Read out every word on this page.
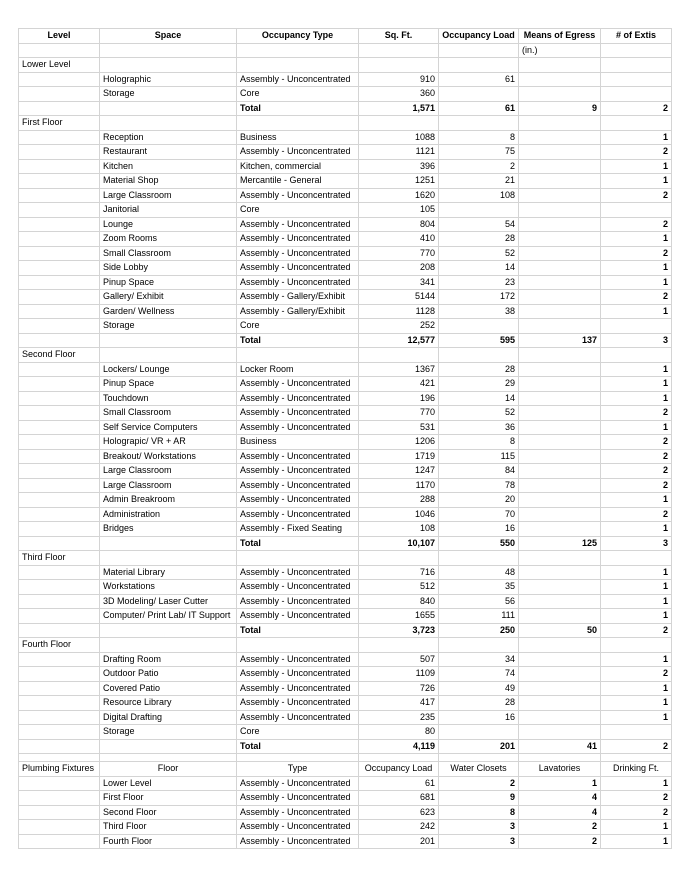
Level	Space	Occupancy Type	Sq. Ft.	Occupancy Load	Means of Egress	# of Extis
					(in.)	
Lower Level						
	Holographic	Assembly - Unconcentrated	910	61		
	Storage	Core	360			
		Total	1,571	61	9	2
First Floor						
	Reception	Business	1088	8		1
	Restaurant	Assembly - Unconcentrated	1121	75		2
	Kitchen	Kitchen, commercial	396	2		1
	Material Shop	Mercantile - General	1251	21		1
	Large Classroom	Assembly - Unconcentrated	1620	108		2
	Janitorial	Core	105			
	Lounge	Assembly - Unconcentrated	804	54		2
	Zoom Rooms	Assembly - Unconcentrated	410	28		1
	Small Classroom	Assembly - Unconcentrated	770	52		2
	Side Lobby	Assembly - Unconcentrated	208	14		1
	Pinup Space	Assembly - Unconcentrated	341	23		1
	Gallery/ Exhibit	Assembly - Gallery/Exhibit	5144	172		2
	Garden/ Wellness	Assembly - Gallery/Exhibit	1128	38		1
	Storage	Core	252			
		Total	12,577	595	137	3
Second Floor						
	Lockers/ Lounge	Locker Room	1367	28		1
	Pinup Space	Assembly - Unconcentrated	421	29		1
	Touchdown	Assembly - Unconcentrated	196	14		1
	Small Classroom	Assembly - Unconcentrated	770	52		2
	Self Service Computers	Assembly - Unconcentrated	531	36		1
	Holograpic/ VR + AR	Business	1206	8		2
	Breakout/ Workstations	Assembly - Unconcentrated	1719	115		2
	Large Classroom	Assembly - Unconcentrated	1247	84		2
	Large Classroom	Assembly - Unconcentrated	1170	78		2
	Admin Breakroom	Assembly - Unconcentrated	288	20		1
	Administration	Assembly - Unconcentrated	1046	70		2
	Bridges	Assembly - Fixed Seating	108	16		1
		Total	10,107	550	125	3
Third Floor						
	Material Library	Assembly - Unconcentrated	716	48		1
	Workstations	Assembly - Unconcentrated	512	35		1
	3D Modeling/ Laser Cutter	Assembly - Unconcentrated	840	56		1
	Computer/ Print Lab/ IT Support	Assembly - Unconcentrated	1655	111		1
		Total	3,723	250	50	2
Fourth Floor						
	Drafting Room	Assembly - Unconcentrated	507	34		1
	Outdoor Patio	Assembly - Unconcentrated	1109	74		2
	Covered Patio	Assembly - Unconcentrated	726	49		1
	Resource Library	Assembly - Unconcentrated	417	28		1
	Digital Drafting	Assembly - Unconcentrated	235	16		1
	Storage	Core	80			
		Total	4,119	201	41	2

Plumbing Fixtures	Floor	Type	Occupancy Load	Water Closets	Lavatories	Drinking Ft.
	Lower Level	Assembly - Unconcentrated	61	2	1	1
	First Floor	Assembly - Unconcentrated	681	9	4	2
	Second Floor	Assembly - Unconcentrated	623	8	4	2
	Third Floor	Assembly - Unconcentrated	242	3	2	1
	Fourth Floor	Assembly - Unconcentrated	201	3	2	1
